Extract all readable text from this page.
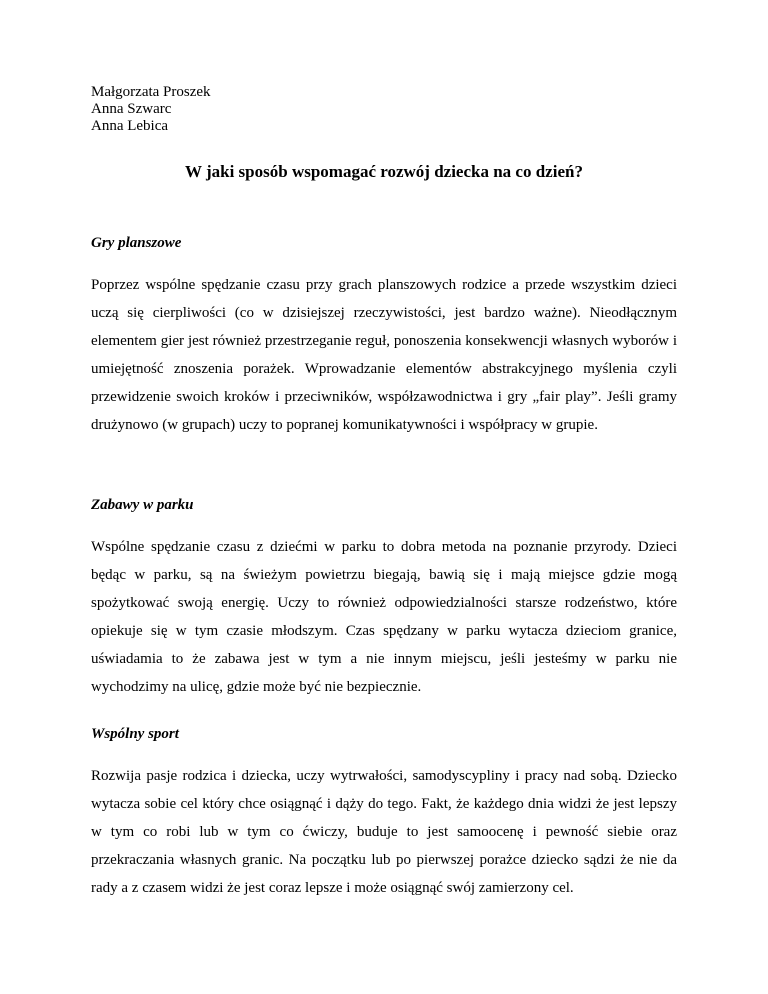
Małgorzata Proszek
Anna Szwarc
Anna Lebica
W jaki sposób wspomagać rozwój dziecka na co dzień?

Gry planszowe

Poprzez wspólne spędzanie czasu przy grach planszowych rodzice a przede wszystkim dzieci uczą się cierpliwości (co w dzisiejszej rzeczywistości, jest bardzo ważne). Nieodłącznym elementem gier jest również przestrzeganie reguł, ponoszenia konsekwencji własnych wyborów i umiejętność znoszenia porażek. Wprowadzanie elementów abstrakcyjnego myślenia czyli przewidzenie swoich kroków i przeciwników, współzawodnictwa i gry „fair play”. Jeśli gramy drużynowo (w grupach) uczy to popranej komunikatywności i współpracy w grupie.

Zabawy w parku

Wspólne spędzanie czasu z dziećmi w parku to dobra metoda na poznanie przyrody. Dzieci będąc w parku, są na świeżym powietrzu biegają, bawią się i mają miejsce gdzie mogą spożytkować swoją energię. Uczy to również odpowiedzialności starsze rodzeństwo, które opiekuje się w tym czasie młodszym. Czas spędzany w parku wytacza dzieciom granice, uświadamia to że zabawa jest w tym a nie innym miejscu, jeśli jesteśmy w parku nie wychodzimy na ulicę, gdzie może być nie bezpiecznie.

Wspólny sport

Rozwija pasje rodzica i dziecka, uczy wytrwałości, samodyscypliny i pracy nad sobą. Dziecko wytacza sobie cel który chce osiągnąć i dąży do tego. Fakt, że każdego dnia widzi że jest lepszy w tym co robi lub w tym co ćwiczy, buduje to jest samoocenę i pewność siebie oraz przekraczania własnych granic. Na początku lub po pierwszej porażce dziecko sądzi że nie da rady a z czasem widzi że jest coraz lepsze i może osiągnąć swój zamierzony cel.
